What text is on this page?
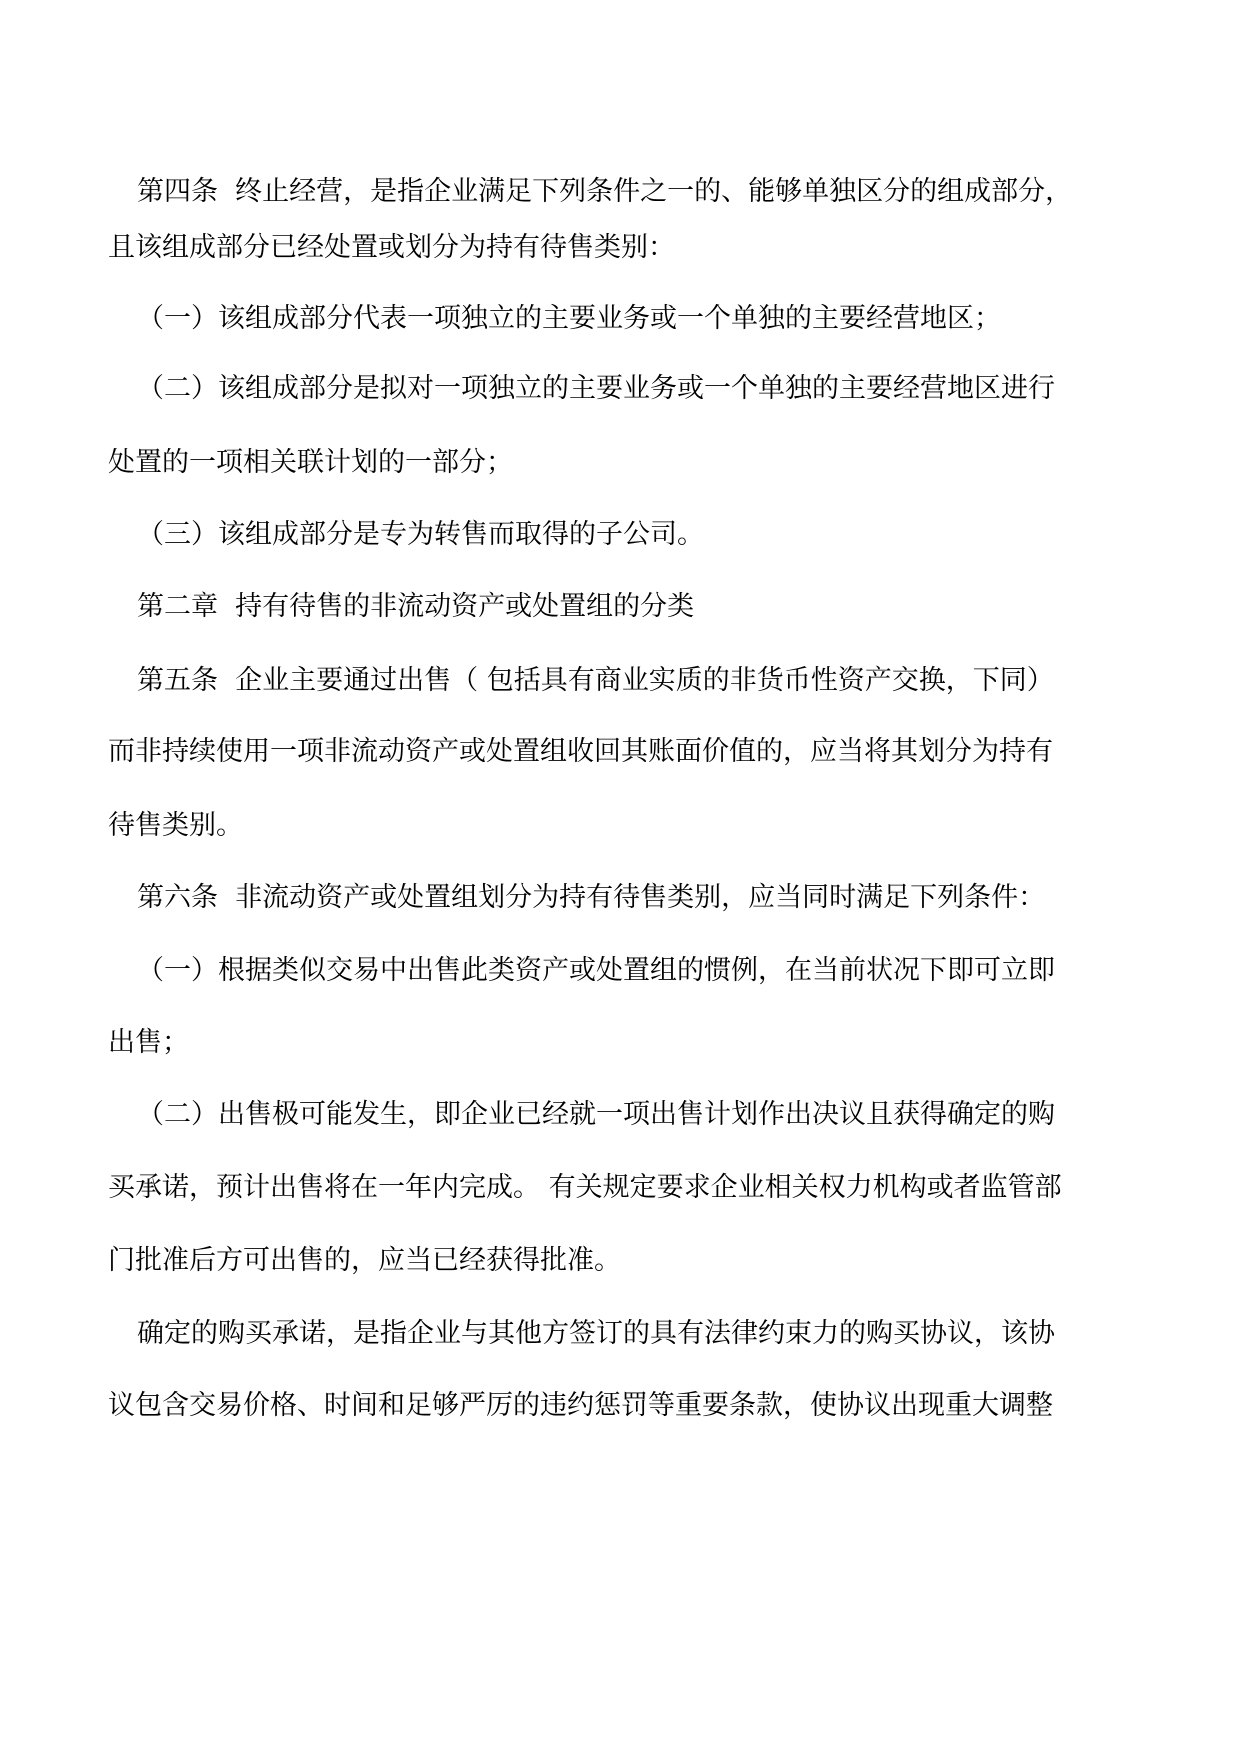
第四条  终止经营，是指企业满足下列条件之一的、能够单独区分的组成部分，

且该组成部分已经处置或划分为持有待售类别：

（一）该组成部分代表一项独立的主要业务或一个单独的主要经营地区；

（二）该组成部分是拟对一项独立的主要业务或一个单独的主要经营地区进行

处置的一项相关联计划的一部分；

（三）该组成部分是专为转售而取得的子公司。

第二章  持有待售的非流动资产或处置组的分类

第五条  企业主要通过出售（ 包括具有商业实质的非货币性资产交换，下同）

而非持续使用一项非流动资产或处置组收回其账面价值的，应当将其划分为持有

待售类别。

第六条  非流动资产或处置组划分为持有待售类别，应当同时满足下列条件：

（一）根据类似交易中出售此类资产或处置组的惯例，在当前状况下即可立即

出售；

（二）出售极可能发生，即企业已经就一项出售计划作出决议且获得确定的购

买承诺，预计出售将在一年内完成。 有关规定要求企业相关权力机构或者监管部

门批准后方可出售的，应当已经获得批准。

确定的购买承诺，是指企业与其他方签订的具有法律约束力的购买协议，该协

议包含交易价格、时间和足够严厉的违约惩罚等重要条款，使协议出现重大调整
